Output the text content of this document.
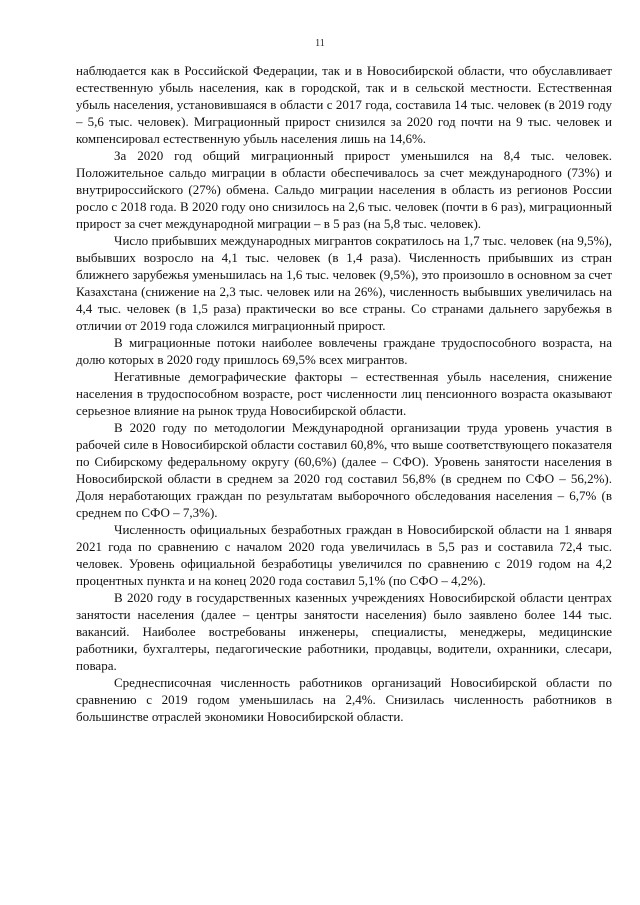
11

наблюдается как в Российской Федерации, так и в Новосибирской области, что обуславливает естественную убыль населения, как в городской, так и в сельской местности. Естественная убыль населения, установившаяся в области с 2017 года, составила 14 тыс. человек (в 2019 году – 5,6 тыс. человек). Миграционный прирост снизился за 2020 год почти на 9 тыс. человек и компенсировал естественную убыль населения лишь на 14,6%.

За 2020 год общий миграционный прирост уменьшился на 8,4 тыс. человек. Положительное сальдо миграции в области обеспечивалось за счет международного (73%) и внутрироссийского (27%) обмена. Сальдо миграции населения в область из регионов России росло с 2018 года. В 2020 году оно снизилось на 2,6 тыс. человек (почти в 6 раз), миграционный прирост за счет международной миграции – в 5 раз (на 5,8 тыс. человек).

Число прибывших международных мигрантов сократилось на 1,7 тыс. человек (на 9,5%), выбывших возросло на 4,1 тыс. человек (в 1,4 раза). Численность прибывших из стран ближнего зарубежья уменьшилась на 1,6 тыс. человек (9,5%), это произошло в основном за счет Казахстана (снижение на 2,3 тыс. человек или на 26%), численность выбывших увеличилась на 4,4 тыс. человек (в 1,5 раза) практически во все страны. Со странами дальнего зарубежья в отличии от 2019 года сложился миграционный прирост.

В миграционные потоки наиболее вовлечены граждане трудоспособного возраста, на долю которых в 2020 году пришлось 69,5% всех мигрантов.

Негативные демографические факторы – естественная убыль населения, снижение населения в трудоспособном возрасте, рост численности лиц пенсионного возраста оказывают серьезное влияние на рынок труда Новосибирской области.

В 2020 году по методологии Международной организации труда уровень участия в рабочей силе в Новосибирской области составил 60,8%, что выше соответствующего показателя по Сибирскому федеральному округу (60,6%) (далее – СФО). Уровень занятости населения в Новосибирской области в среднем за 2020 год составил 56,8% (в среднем по СФО – 56,2%). Доля неработающих граждан по результатам выборочного обследования населения – 6,7% (в среднем по СФО – 7,3%).

Численность официальных безработных граждан в Новосибирской области на 1 января 2021 года по сравнению с началом 2020 года увеличилась в 5,5 раз и составила 72,4 тыс. человек. Уровень официальной безработицы увеличился по сравнению с 2019 годом на 4,2 процентных пункта и на конец 2020 года составил 5,1% (по СФО – 4,2%).

В 2020 году в государственных казенных учреждениях Новосибирской области центрах занятости населения (далее – центры занятости населения) было заявлено более 144 тыс. вакансий. Наиболее востребованы инженеры, специалисты, менеджеры, медицинские работники, бухгалтеры, педагогические работники, продавцы, водители, охранники, слесари, повара.

Среднесписочная численность работников организаций Новосибирской области по сравнению с 2019 годом уменьшилась на 2,4%. Снизилась численность работников в большинстве отраслей экономики Новосибирской области.
